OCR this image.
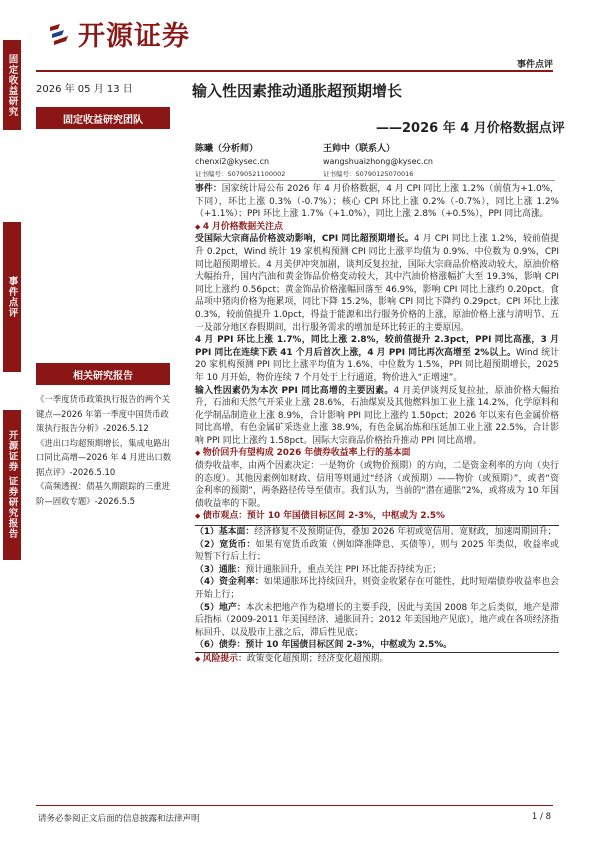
开源证券
事件点评
固定收益研究
事件点评
开源证券 证券研究报告
2026 年 05 月 13 日
固定收益研究团队
相关研究报告

《一季度货币政策执行报告的两个关键点—2026 年第一季度中国货币政策执行报告分析》-2026.5.12

《进出口均超预期增长，集成电路出口同比高增—2026 年 4 月进出口数据点评》-2026.5.10

《高频透视：债基久期跟踪的三重进阶—固收专题》-2026.5.5

输入性因素推动通胀超预期增长
——2026 年 4 月价格数据点评
陈曦（分析师）
chenxi2@kysec.cn
证书编号：S0790521100002
王帅中（联系人）
wangshuaizhong@kysec.cn
证书编号：S0790125070016

事件：国家统计局公布 2026 年 4 月价格数据，4 月 CPI 同比上涨 1.2%（前值为+1.0%，下同），环比上涨 0.3%（-0.7%）；核心 CPI 环比上涨 0.2%（-0.7%），同比上涨 1.2%（+1.1%）；PPI 环比上涨 1.7%（+1.0%），同比上涨 2.8%（+0.5%），PPI 同比高涨。

◆ 4 月价格数据关注点

受国际大宗商品价格波动影响，CPI 同比超预期增长。4 月 CPI 同比上涨 1.2%，较前值提升 0.2pct，Wind 统计 19 家机构预测 CPI 同比上涨平均值为 0.9%、中位数为 0.9%，CPI 同比超预期增长。4 月美伊冲突加剧，谈判反复拉扯，国际大宗商品价格波动较大，原油价格大幅抬升，国内汽油和黄金饰品价格变动较大，其中汽油价格涨幅扩大至 19.3%，影响 CPI 同比上涨约 0.56pct；黄金饰品价格涨幅回落至 46.9%，影响 CPI 同比上涨约 0.20pct。食品项中猪肉价格为拖累项，同比下降 15.2%，影响 CPI 同比下降约 0.29pct。CPI 环比上涨 0.3%，较前值提升 1.0pct，得益于能源和出行服务价格的上涨，原油价格上涨与清明节、五一及部分地区春假期间，出行服务需求的增加是环比转正的主要原因。

4 月 PPI 环比上涨 1.7%，同比上涨 2.8%，较前值提升 2.3pct，PPI 同比高涨，3 月 PPI 同比在连续下跌 41 个月后首次上涨，4 月 PPI 同比再次高增至 2%以上。Wind 统计 20 家机构预测 PPI 同比上涨平均值为 1.6%、中位数为 1.5%，PPI 同比超预期增长，2025 年 10 月开始，物价连续 7 个月处于上行通道，物价进入“正增速”。

输入性因素仍为本次 PPI 同比高增的主要因素。4 月美伊谈判反复拉扯，原油价格大幅抬升，石油和天然气开采业上涨 28.6%，石油煤炭及其他燃料加工业上涨 14.2%，化学原料和化学制品制造业上涨 8.9%，合计影响 PPI 同比上涨约 1.50pct；2026 年以来有色金属价格同比高增，有色金属矿采选业上涨 38.9%，有色金属冶炼和压延加工业上涨 22.5%，合计影响 PPI 同比上涨约 1.58pct。国际大宗商品价格抬升推动 PPI 同比高增。

◆ 物价回升有望构成 2026 年债券收益率上行的基本面

债券收益率，由两个因素决定：一是物价（或物价预期）的方向，二是资金利率的方向（央行的态度）。其他因素例如财政、信用等则通过“经济（或预期）——物价（或预期）”，或者“资金利率的预期”，两条路径传导至债市。我们认为，当前的“潜在通胀”2%，或将成为 10 年国债收益率的下限。

◆ 债市观点：预计 10 年国债目标区间 2-3%，中枢或为 2.5%

（1）基本面：经济修复不及预期证伪，叠加 2026 年初或宽信用、宽财政，加速周期回升；

（2）宽货币：如果有宽货币政策（例如降准降息、买债等），则与 2025 年类似，收益率或短暂下行后上行；

（3）通胀：预计通胀回升，重点关注 PPI 环比能否持续为正；

（4）资金利率：如果通胀环比持续回升，则资金收紧存在可能性，此时短端债券收益率也会开始上行；

（5）地产：本次未把地产作为稳增长的主要手段，因此与美国 2008 年之后类似，地产是滞后指标（2009-2011 年美国经济、通胀回升；2012 年美国地产见底），地产或在各项经济指标回升、以及股市上涨之后，滞后性见底；

（6）债券：预计 10 年国债目标区间 2-3%，中枢或为 2.5%。

◆ 风险提示：政策变化超预期；经济变化超预期。

请务必参阅正文后面的信息披露和法律声明	1 / 8
